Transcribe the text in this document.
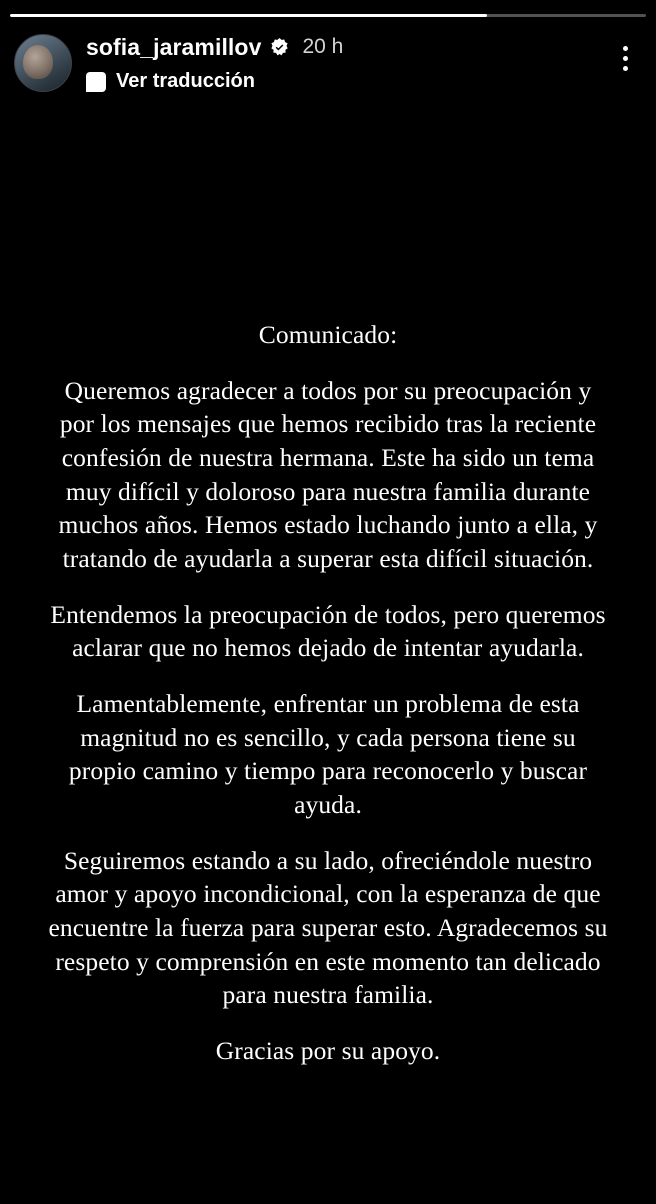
sofia_jaramillov 20 h
Ver traducción

Comunicado:

Queremos agradecer a todos por su preocupación y por los mensajes que hemos recibido tras la reciente confesión de nuestra hermana. Este ha sido un tema muy difícil y doloroso para nuestra familia durante muchos años. Hemos estado luchando junto a ella, y tratando de ayudarla a superar esta difícil situación.

Entendemos la preocupación de todos, pero queremos aclarar que no hemos dejado de intentar ayudarla.

Lamentablemente, enfrentar un problema de esta magnitud no es sencillo, y cada persona tiene su propio camino y tiempo para reconocerlo y buscar ayuda.

Seguiremos estando a su lado, ofreciéndole nuestro amor y apoyo incondicional, con la esperanza de que encuentre la fuerza para superar esto. Agradecemos su respeto y comprensión en este momento tan delicado para nuestra familia.

Gracias por su apoyo.
